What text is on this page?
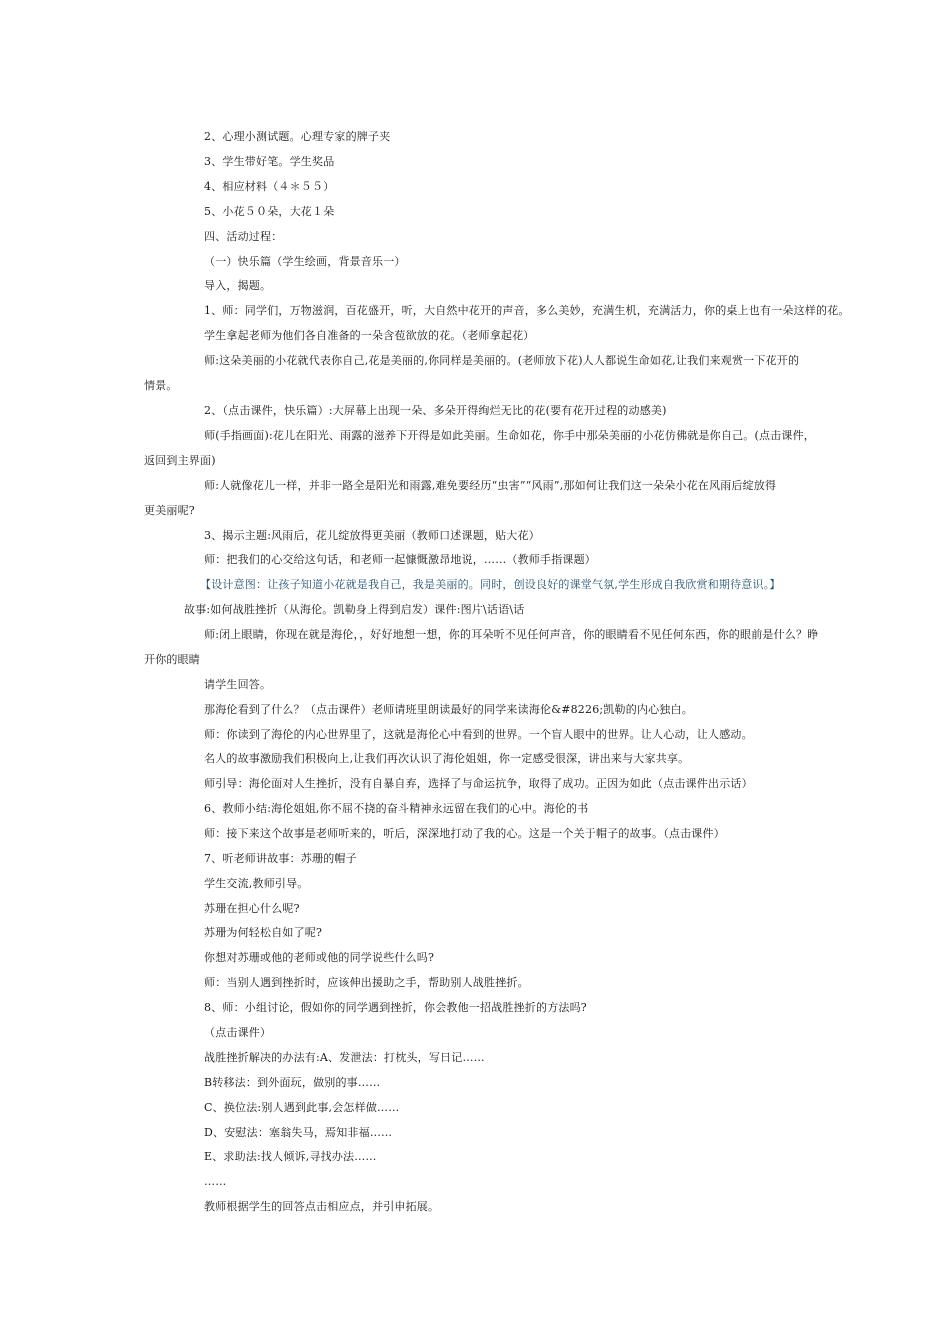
2、心理小测试题。心理专家的牌子夹
3、学生带好笔。学生奖品
4、相应材料（４＊５５）
5、小花５０朵，大花１朵
四、活动过程：
（一）快乐篇（学生绘画，背景音乐一）
导入，揭题。
1、师：同学们，万物滋润，百花盛开，听，大自然中花开的声音，多么美妙，充满生机，充满活力，你的桌上也有一朵这样的花。
学生拿起老师为他们各自准备的一朵含苞欲放的花。（老师拿起花）
师:这朵美丽的小花就代表你自己,花是美丽的,你同样是美丽的。(老师放下花)人人都说生命如花,让我们来观赏一下花开的
情景。
2、（点击课件，快乐篇）:大屏幕上出现一朵、多朵开得绚烂无比的花(要有花开过程的动感美)
师(手指画面):花儿在阳光、雨露的滋养下开得是如此美丽。生命如花，你手中那朵美丽的小花仿佛就是你自己。(点击课件，
返回到主界面)
师:人就像花儿一样，并非一路全是阳光和雨露,难免要经历“虫害”“风雨”,那如何让我们这一朵朵小花在风雨后绽放得
更美丽呢?
3、揭示主题:风雨后，花儿绽放得更美丽（教师口述课题，贴大花）
师：把我们的心交给这句话，和老师一起慷慨激昂地说，……（教师手指课题）
【设计意图：让孩子知道小花就是我自己，我是美丽的。同时，创设良好的课堂气氛,学生形成自我欣赏和期待意识。】
故事:如何战胜挫折（从海伦。凯勒身上得到启发）课件:图片\话语\话
师:闭上眼睛，你现在就是海伦，，好好地想一想，你的耳朵听不见任何声音，你的眼睛看不见任何东西，你的眼前是什么？睁
开你的眼睛
请学生回答。
那海伦看到了什么？（点击课件）老师请班里朗读最好的同学来读海伦&#8226;凯勒的内心独白。
师：你读到了海伦的内心世界里了，这就是海伦心中看到的世界。一个盲人眼中的世界。让人心动，让人感动。
名人的故事激励我们积极向上,让我们再次认识了海伦姐姐，你一定感受很深，讲出来与大家共享。
师引导：海伦面对人生挫折，没有自暴自弃，选择了与命运抗争，取得了成功。正因为如此（点击课件出示话）
6、教师小结:海伦姐姐,你不屈不挠的奋斗精神永远留在我们的心中。海伦的书
师：接下来这个故事是老师听来的，听后，深深地打动了我的心。这是一个关于帽子的故事。（点击课件）
7、听老师讲故事：苏珊的帽子
学生交流,教师引导。
苏珊在担心什么呢?
苏珊为何轻松自如了呢?
你想对苏珊或他的老师或他的同学说些什么吗?
师：当别人遇到挫折时，应该伸出援助之手，帮助别人战胜挫折。
8、师：小组讨论，假如你的同学遇到挫折，你会教他一招战胜挫折的方法吗?
（点击课件）
战胜挫折解决的办法有:A、发泄法：打枕头，写日记……
B转移法：到外面玩，做别的事……
C、换位法:别人遇到此事,会怎样做……
D、安慰法：塞翁失马，焉知非福……
E、求助法:找人倾诉,寻找办法……
……
教师根据学生的回答点击相应点，并引申拓展。
